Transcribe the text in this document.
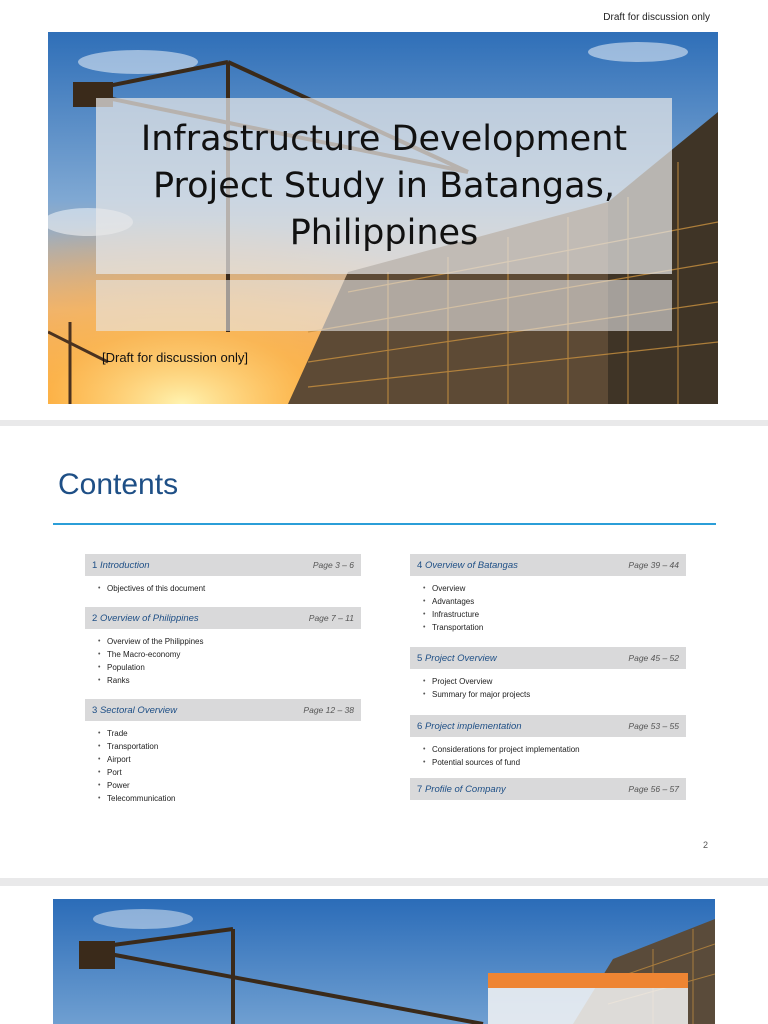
Draft for discussion only
Infrastructure Development Project Study in Batangas, Philippines
[Draft for discussion only]
Contents
1 Introduction	Page 3 – 6
• Objectives of this document
2 Overview of Philippines	Page 7 – 11
• Overview of the Philippines
• The Macro-economy
• Population
• Ranks
3 Sectoral Overview	Page 12 – 38
• Trade
• Transportation
• Airport
• Port
• Power
• Telecommunication
4 Overview of Batangas	Page 39 – 44
• Overview
• Advantages
• Infrastructure
• Transportation
5 Project Overview	Page 45 – 52
• Project Overview
• Summary for major projects
6 Project implementation	Page 53 – 55
• Considerations for project implementation
• Potential sources of fund
7 Profile of Company	Page 56 – 57
2
